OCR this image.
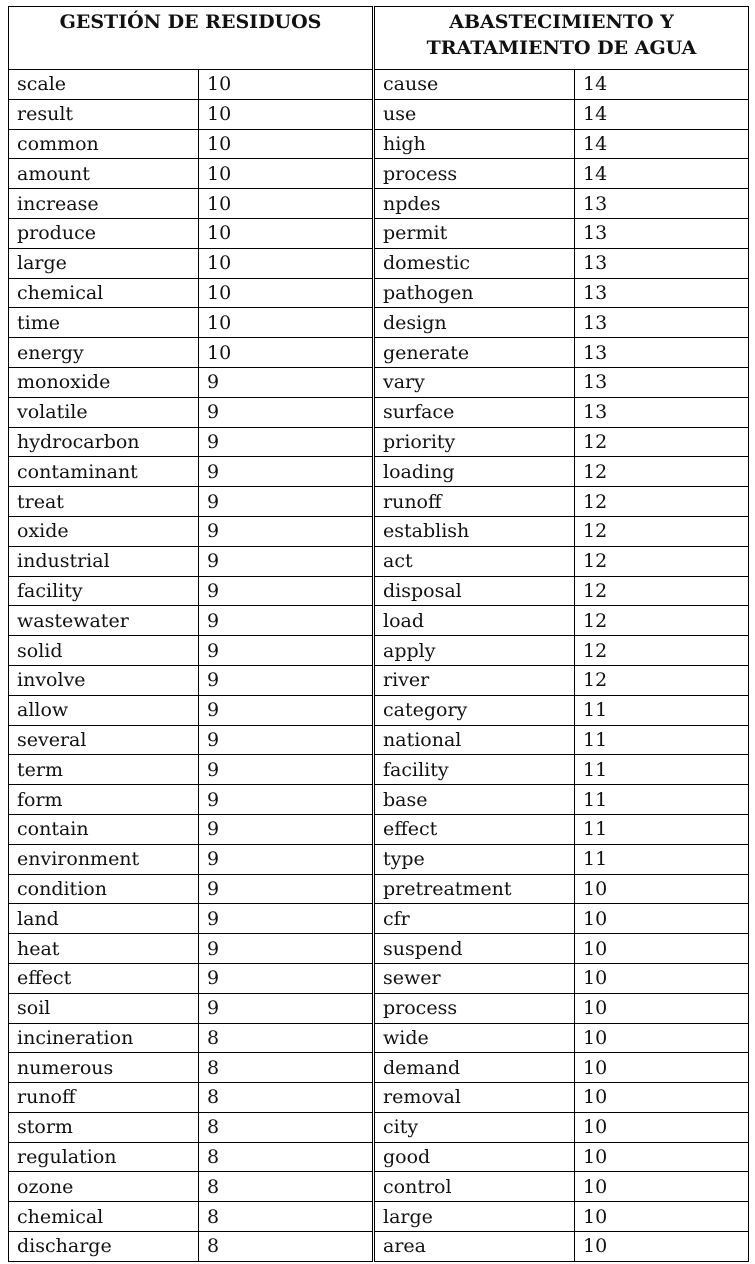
GESTIÓN DE RESIDUOS	
scale	10
result	10
common	10
amount	10
increase	10
produce	10
large	10
chemical	10
time	10
energy	10
monoxide	9
volatile	9
hydrocarbon	9
contaminant	9
treat	9
oxide	9
industrial	9
facility	9
wastewater	9
solid	9
involve	9
allow	9
several	9
term	9
form	9
contain	9
environment	9
condition	9
land	9
heat	9
effect	9
soil	9
incineration	8
numerous	8
runoff	8
storm	8
regulation	8
ozone	8
chemical	8
discharge	8
ABASTECIMIENTO Y TRATAMIENTO DE AGUA	
cause	14
use	14
high	14
process	14
npdes	13
permit	13
domestic	13
pathogen	13
design	13
generate	13
vary	13
surface	13
priority	12
loading	12
runoff	12
establish	12
act	12
disposal	12
load	12
apply	12
river	12
category	11
national	11
facility	11
base	11
effect	11
type	11
pretreatment	10
cfr	10
suspend	10
sewer	10
process	10
wide	10
demand	10
removal	10
city	10
good	10
control	10
large	10
area	10
